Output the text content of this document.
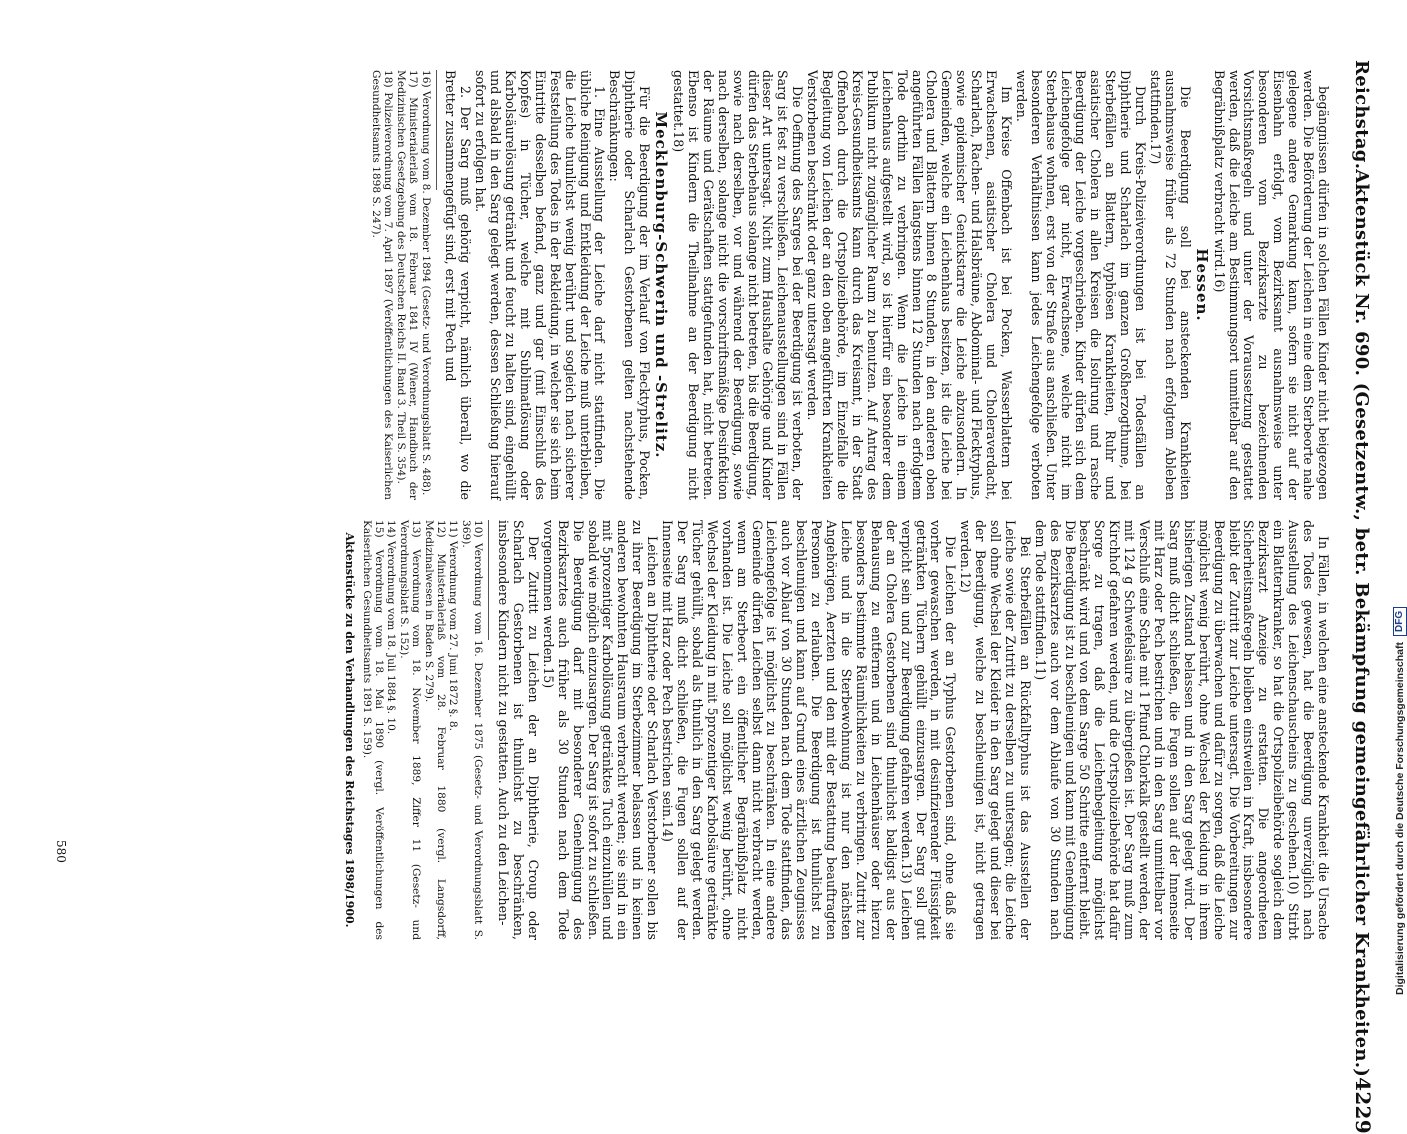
Reichstag.
Aktenstück Nr. 690. (Gesetzentw., betr. Bekämpfung gemeingefährlicher Krankheiten.)
4229

In Fällen, in welchen eine ansteckende Krankheit die Ursache des Todes gewesen, hat die Beerdigung unverzüglich nach Ausstellung des Leichenschauscheins zu geschehen.10) Stirbt ein Blatternkranker, so hat die Ortspolizeibehörde sogleich dem Bezirksarzt Anzeige zu erstatten. Die angeordneten Sicherheitsmaßregeln bleiben einstweilen in Kraft, insbesondere bleibt der Zutritt zur Leiche untersagt. Die Vorbereitungen zur Beerdigung zu überwachen und dafür zu sorgen, daß die Leiche möglichst wenig berührt, ohne Wechsel der Kleidung in ihrem bisherigen Zustand belassen und in den Sarg gelegt wird. Der Sarg muß dicht schließen, die Fugen sollen auf der Innenseite mit Harz oder Pech bestrichen und in den Sarg unmittelbar vor Verschluß eine Schale mit 1 Pfund Chlorkalk gestellt werden, der mit 124 g Schwefelsäure zu übergießen ist. Der Sarg muß zum Kirchhof gefahren werden, und die Ortspolizeibehörde hat dafür Sorge zu tragen, daß die Leichenbegleitung möglichst beschränkt wird und von dem Sarge 50 Schritte entfernt bleibt. Die Beerdigung ist zu beschleunigen und kann mit Genehmigung des Bezirksarztes auch vor dem Ablaufe von 30 Stunden nach dem Tode stattfinden.11)

Bei Sterbefällen an Rückfalltyphus ist das Ausstellen der Leiche sowie der Zutritt zu derselben zu untersagen; die Leiche soll ohne Wechsel der Kleider in den Sarg gelegt und dieser bei der Beerdigung, welche zu beschleunigen ist, nicht getragen werden.12)

Die Leichen der an Typhus Gestorbenen sind, ohne daß sie vorher gewaschen werden, in mit desinfizierender Flüssigkeit getränkten Tüchern gehüllt einzusargen. Der Sarg soll gut verpicht sein und zur Beerdigung gefahren werden.13) Leichen der an Cholera Gestorbenen sind thunlichst baldigst aus der Behausung zu entfernen und in Leichenhäuser oder hierzu besonders bestimmte Räumlichkeiten zu verbringen. Zutritt zur Leiche und in die Sterbewohnung ist nur den nächsten Angehörigen, Aerzten und den mit der Bestattung beauftragten Personen zu erlauben. Die Beerdigung ist thunlichst zu beschleunigen und kann auf Grund eines ärztlichen Zeugnisses auch vor Ablauf von 30 Stunden nach dem Tode stattfinden, das Leichengefolge ist möglichst zu beschränken. In eine andere Gemeinde dürfen Leichen selbst dann nicht verbracht werden, wenn am Sterbeort ein öffentlicher Begräbnißplatz nicht vorhanden ist. Die Leiche soll möglichst wenig berührt, ohne Wechsel der Kleidung in mit 5prozentiger Karbolsäure getränkte Tücher gehüllt, sobald als thunlich in den Sarg gelegt werden. Der Sarg muß dicht schließen, die Fugen sollen auf der Innenseite mit Harz oder Pech bestrichen sein.14)

Leichen an Diphtherie oder Scharlach Verstorbener sollen bis zu ihrer Beerdigung im Sterbezimmer belassen und in keinen anderen bewohnten Hausraum verbracht werden; sie sind in ein mit 5prozentiger Karbollösung getränktes Tuch einzuhüllen und sobald wie möglich einzusargen. Der Sarg ist sofort zu schließen. Die Beerdigung darf mit besonderer Genehmigung des Bezirksarztes auch früher als 30 Stunden nach dem Tode vorgenommen werden.15)

Der Zutritt zu Leichen der an Diphtherie, Croup oder Scharlach Gestorbenen ist thunlichst zu beschränken, insbesondere Kindern nicht zu gestatten. Auch zu den Leichen-

10) Verordnung vom 16. Dezember 1875 (Gesetz- und Verordnungsblatt S. 369).

11) Verordnung vom 27. Juni 1872 §. 8.

12) Ministerialerlaß vom 28. Februar 1880 (vergl. Langsdorff, Medizinalwesen in Baden S. 279).

13) Verordnung vom 18. November 1889, Ziffer 11 (Gesetz- und Verordnungsblatt S. 152).

14) Verordnung vom 18. Juli 1884 §. 10.

15) Verordnung vom 18. Mai 1890 (vergl. Veröffentlichungen des Kaiserlichen Gesundheitsamts 1891 S. 159).

Aktenstücke zu den Verhandlungen des Reichstages 1898/1900.

begängnissen dürfen in solchen Fällen Kinder nicht beigezogen werden. Die Beförderung der Leichen in eine dem Sterbeorte nahe gelegene andere Gemarkung kann, sofern sie nicht auf der Eisenbahn erfolgt, vom Bezirksamt ausnahmsweise unter besonderen vom Bezirksarzte zu bezeichnenden Vorsichtsmaßregeln und unter der Voraussetzung gestattet werden, daß die Leiche am Bestimmungsort unmittelbar auf den Begräbnißplatz verbracht wird.16)

Hessen.

Die Beerdigung soll bei ansteckenden Krankheiten ausnahmsweise früher als 72 Stunden nach erfolgtem Ableben stattfinden.17)

Durch Kreis-Polizeiverordnungen ist bei Todesfällen an Diphtherie und Scharlach im ganzen Großherzogthume, bei Sterbefällen an Blattern, typhösen Krankheiten, Ruhr und asiatischer Cholera in allen Kreisen die Isolirung und rasche Beerdigung der Leiche vorgeschrieben. Kinder dürfen sich dem Leichengefolge gar nicht, Erwachsene, welche nicht im Sterbehause wohnen, erst von der Straße aus anschließen. Unter besonderen Verhältnissen kann jedes Leichengefolge verboten werden.

Im Kreise Offenbach ist bei Pocken, Wasserblattern bei Erwachsenen, asiatischer Cholera und Choleraverdacht, Scharlach, Rachen- und Halsbräune, Abdominal- und Flecktyphus, sowie epidemischer Genickstarre die Leiche abzusondern. In Gemeinden, welche ein Leichenhaus besitzen, ist die Leiche bei Cholera und Blattern binnen 8 Stunden, in den anderen oben angeführten Fällen längstens binnen 12 Stunden nach erfolgtem Tode dorthin zu verbringen. Wenn die Leiche in einem Leichenhaus aufgestellt wird, so ist hierfür ein besonderer dem Publikum nicht zugänglicher Raum zu benutzen. Auf Antrag des Kreis-Gesundheitsamts kann durch das Kreisamt, in der Stadt Offenbach durch die Ortspolizeibehörde, im Einzelfalle die Begleitung von Leichen der an den oben angeführten Krankheiten Verstorbenen beschränkt oder ganz untersagt werden.

Die Oeffnung des Sarges bei der Beerdigung ist verboten, der Sarg ist fest zu verschließen. Leichenausstellungen sind in Fällen dieser Art untersagt. Nicht zum Haushalte Gehörige und Kinder dürfen das Sterbehaus solange nicht betreten, bis die Beerdigung, sowie nach derselben, vor und während der Beerdigung, sowie nach derselben, solange nicht die vorschriftsmäßige Desinfektion der Räume und Gerätschaften stattgefunden hat, nicht betreten. Ebenso ist Kindern die Theilnahme an der Beerdigung nicht gestattet.18)

Mecklenburg-Schwerin und -Strelitz.

Für die Beerdigung der im Verlauf von Flecktyphus, Pocken, Diphtherie oder Scharlach Gestorbenen gelten nachstehende Beschränkungen:

1. Eine Ausstellung der Leiche darf nicht stattfinden. Die übliche Reinigung und Entkleidung der Leiche muß unterbleiben, die Leiche thunlichst wenig berührt und sogleich nach sicherer Feststellung des Todes in der Bekleidung, in welcher sie sich beim Eintritte desselben befand, ganz und gar (mit Einschluß des Kopfes) in Tücher, welche mit Sublimatlösung oder Karbolsäurelösung getränkt und feucht zu halten sind, eingehüllt und alsbald in den Sarg gelegt werden, dessen Schließung hierauf sofort zu erfolgen hat.

2. Der Sarg muß gehörig verpicht, nämlich überall, wo die Bretter zusammengefügt sind, erst mit Pech und

16) Verordnung vom 8. Dezember 1894 (Gesetz- und Verordnungsblatt S. 488).

17) Ministerialerlaß vom 18. Februar 1841 IV (Wiener, Handbuch der Medizinischen Gesetzgebung des Deutschen Reichs II. Band 3. Theil S. 354).

18) Polizeiverordnung vom 7. April 1897 (Veröffentlichungen des Kaiserlichen Gesundheitsamts 1898 S. 247).

580	Digitalisierung gefördert durch die Deutsche Forschungsgemeinschaft
DFG
